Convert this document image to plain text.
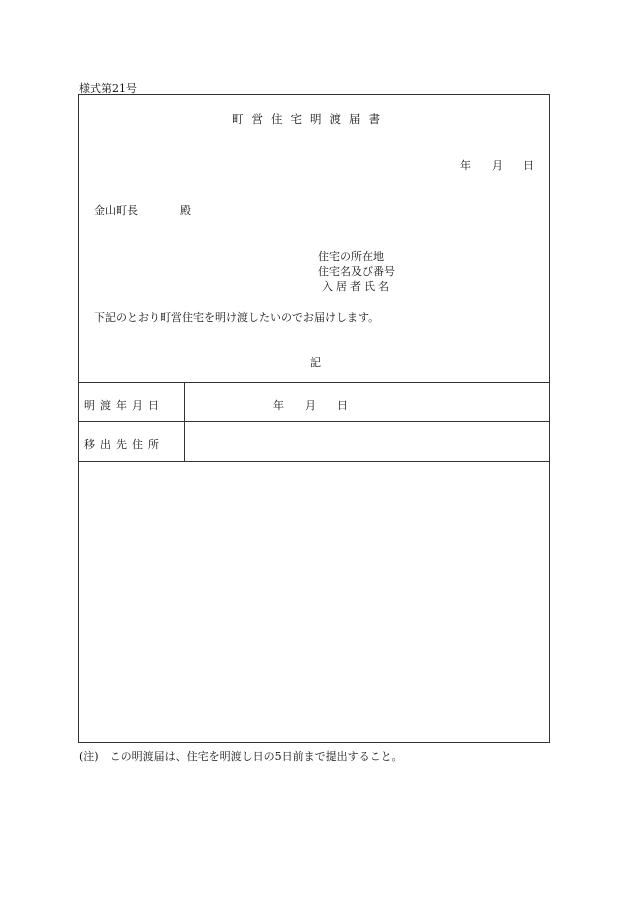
様式第21号
町営住宅明渡届書
年 月 日
金山町長	殿
住宅の所在地
住宅名及び番号
入居者氏名
下記のとおり町営住宅を明け渡したいのでお届けします。
記
明渡年月日	年 月 日
移出先住所
(注)　この明渡届は、住宅を明渡し日の5日前まで提出すること。
